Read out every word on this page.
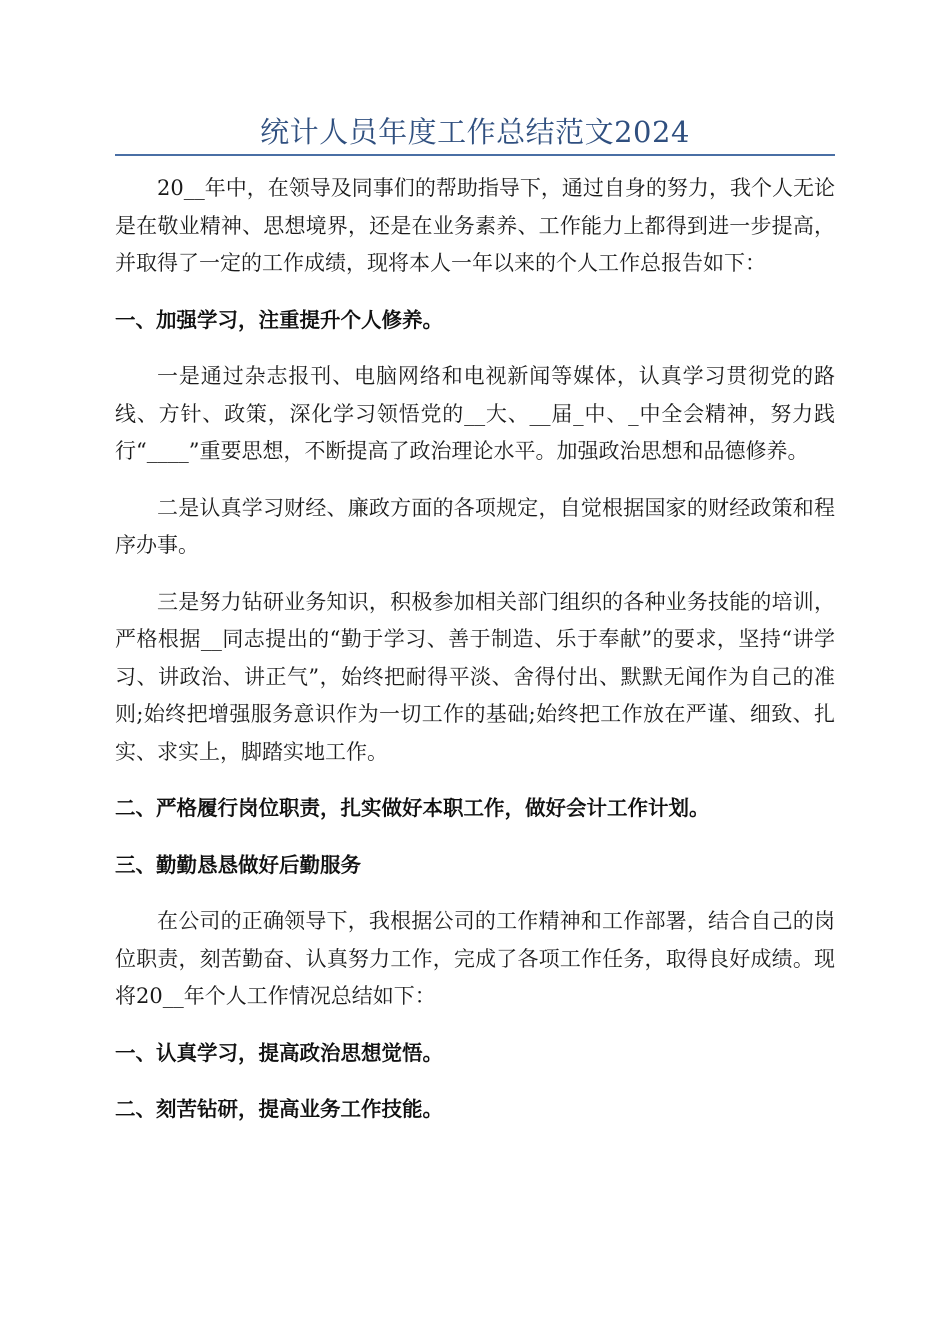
统计人员年度工作总结范文2024

20__年中，在领导及同事们的帮助指导下，通过自身的努力，我个人无论是在敬业精神、思想境界，还是在业务素养、工作能力上都得到进一步提高，并取得了一定的工作成绩，现将本人一年以来的个人工作总报告如下：

一、加强学习，注重提升个人修养。

一是通过杂志报刊、电脑网络和电视新闻等媒体，认真学习贯彻党的路线、方针、政策，深化学习领悟党的__大、__届_中、_中全会精神，努力践行“____”重要思想，不断提高了政治理论水平。加强政治思想和品德修养。

二是认真学习财经、廉政方面的各项规定，自觉根据国家的财经政策和程序办事。

三是努力钻研业务知识，积极参加相关部门组织的各种业务技能的培训，严格根据__同志提出的“勤于学习、善于制造、乐于奉献”的要求，坚持“讲学习、讲政治、讲正气”，始终把耐得平淡、舍得付出、默默无闻作为自己的准则;始终把增强服务意识作为一切工作的基础;始终把工作放在严谨、细致、扎实、求实上，脚踏实地工作。

二、严格履行岗位职责，扎实做好本职工作，做好会计工作计划。

三、勤勤恳恳做好后勤服务

在公司的正确领导下，我根据公司的工作精神和工作部署，结合自己的岗位职责，刻苦勤奋、认真努力工作，完成了各项工作任务，取得良好成绩。现将20__年个人工作情况总结如下：

一、认真学习，提高政治思想觉悟。

二、刻苦钻研，提高业务工作技能。
